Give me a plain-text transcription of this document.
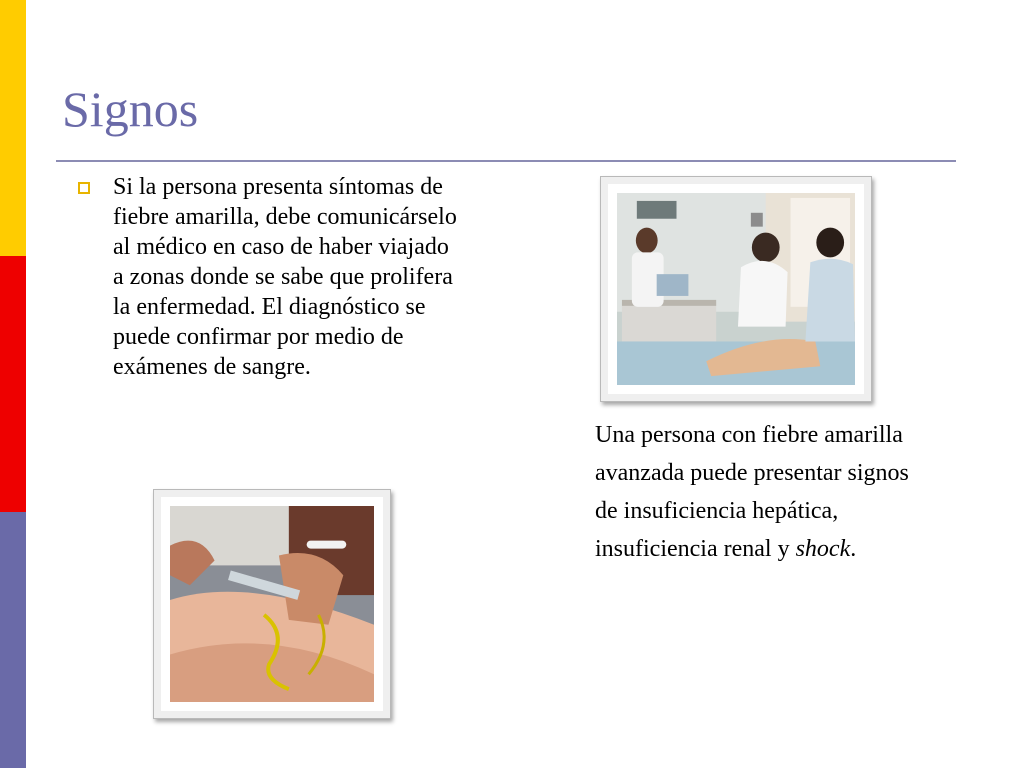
Signos

Si la persona presenta síntomas de fiebre amarilla, debe comunicárselo al médico en caso de haber viajado a zonas donde se sabe que prolifera la enfermedad. El diagnóstico se puede confirmar por medio de exámenes de sangre.

Una persona con fiebre amarilla avanzada puede presentar signos de insuficiencia hepática, insuficiencia renal y shock.
